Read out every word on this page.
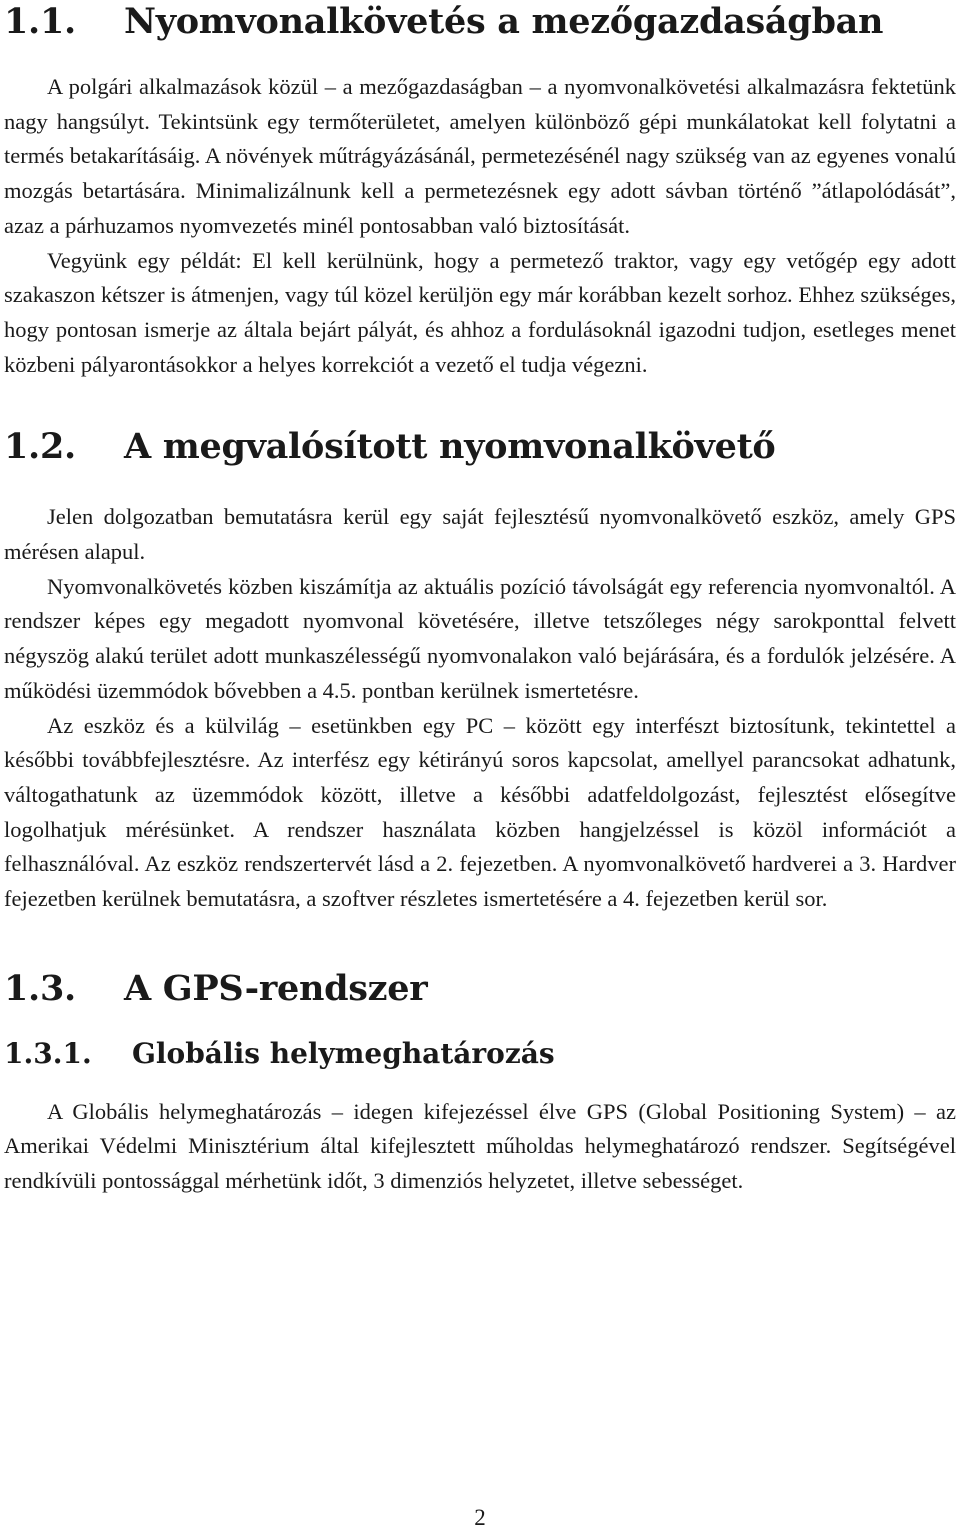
1.1. Nyomvonalkövetés a mezőgazdaságban

A polgári alkalmazások közül – a mezőgazdaságban – a nyomvonalkövetési alkalmazásra fektetünk nagy hangsúlyt. Tekintsünk egy termőterületet, amelyen különböző gépi munkálatokat kell folytatni a termés betakarításáig. A növények műtrágyázásánál, permetezésénél nagy szükség van az egyenes vonalú mozgás betartására. Minimalizálnunk kell a permetezésnek egy adott sávban történő ”átlapolódását”, azaz a párhuzamos nyomvezetés minél pontosabban való biztosítását.

Vegyünk egy példát: El kell kerülnünk, hogy a permetező traktor, vagy egy vetőgép egy adott szakaszon kétszer is átmenjen, vagy túl közel kerüljön egy már korábban kezelt sorhoz. Ehhez szükséges, hogy pontosan ismerje az általa bejárt pályát, és ahhoz a fordulásoknál igazodni tudjon, esetleges menet közbeni pályarontásokkor a helyes korrekciót a vezető el tudja végezni.

1.2. A megvalósított nyomvonalkövető

Jelen dolgozatban bemutatásra kerül egy saját fejlesztésű nyomvonalkövető eszköz, amely GPS mérésen alapul.

Nyomvonalkövetés közben kiszámítja az aktuális pozíció távolságát egy referencia nyomvonaltól. A rendszer képes egy megadott nyomvonal követésére, illetve tetszőleges négy sarokponttal felvett négyszög alakú terület adott munkaszélességű nyomvonalakon való bejárására, és a fordulók jelzésére. A működési üzemmódok bővebben a 4.5. pontban kerülnek ismertetésre.

Az eszköz és a külvilág – esetünkben egy PC – között egy interfészt biztosítunk, tekintettel a későbbi továbbfejlesztésre. Az interfész egy kétirányú soros kapcsolat, amellyel parancsokat adhatunk, váltogathatunk az üzemmódok között, illetve a későbbi adatfeldolgozást, fejlesztést elősegítve logolhatjuk mérésünket. A rendszer használata közben hangjelzéssel is közöl információt a felhasználóval. Az eszköz rendszertervét lásd a 2. fejezetben. A nyomvonalkövető hardverei a 3. Hardver fejezetben kerülnek bemutatásra, a szoftver részletes ismertetésére a 4. fejezetben kerül sor.

1.3. A GPS-rendszer
1.3.1. Globális helymeghatározás

A Globális helymeghatározás – idegen kifejezéssel élve GPS (Global Positioning System) – az Amerikai Védelmi Minisztérium által kifejlesztett műholdas helymeghatározó rendszer. Segítségével rendkívüli pontossággal mérhetünk időt, 3 dimenziós helyzetet, illetve sebességet.

2
